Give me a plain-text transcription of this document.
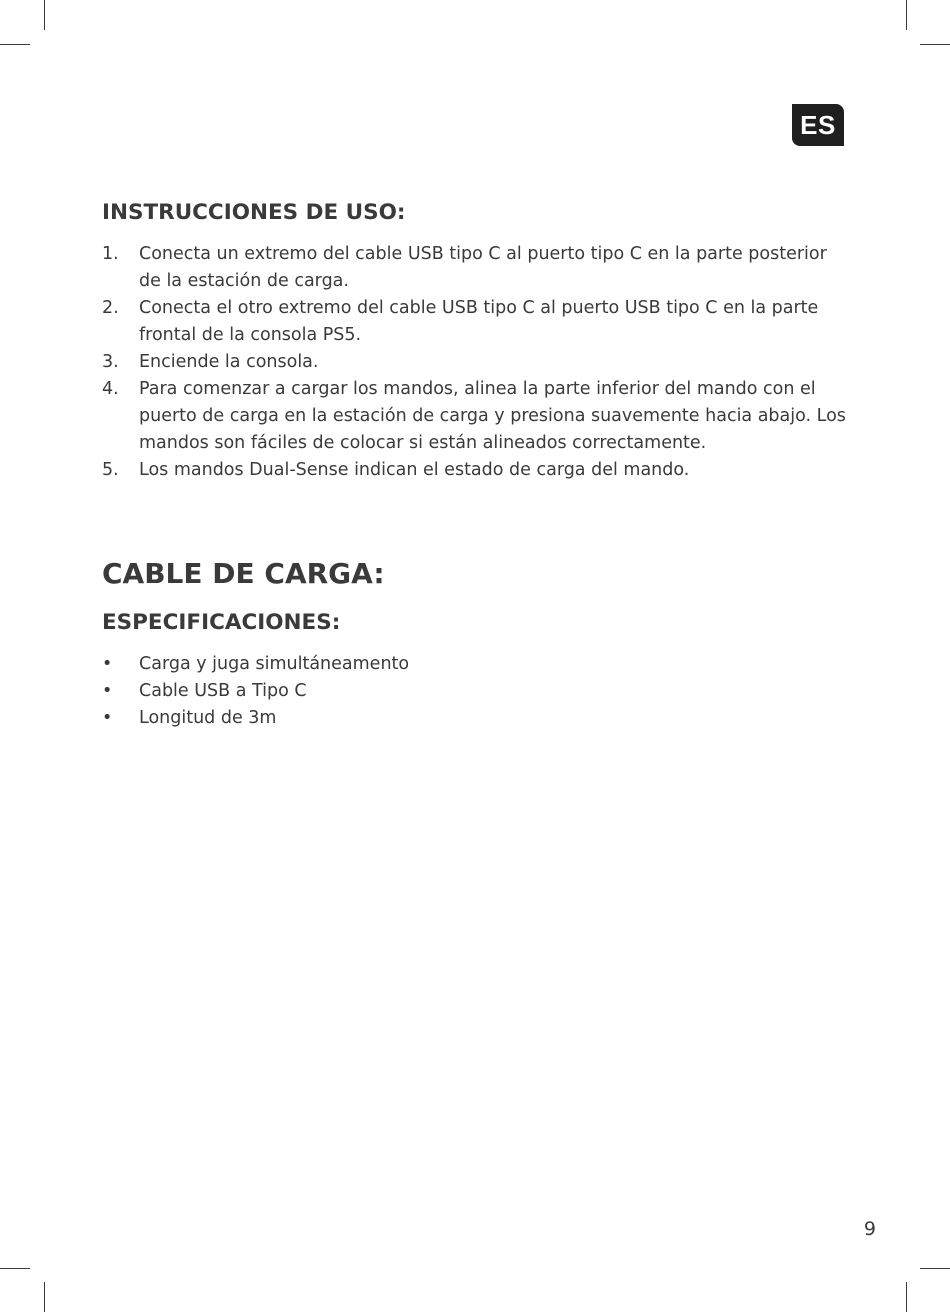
ES
INSTRUCCIONES DE USO:
1. Conecta un extremo del cable USB tipo C al puerto tipo C en la parte posterior de la estación de carga.
2. Conecta el otro extremo del cable USB tipo C al puerto USB tipo C en la parte frontal de la consola PS5.
3. Enciende la consola.
4. Para comenzar a cargar los mandos, alinea la parte inferior del mando con el puerto de carga en la estación de carga y presiona suavemente hacia abajo. Los mandos son fáciles de colocar si están alineados correctamente.
5. Los mandos Dual-Sense indican el estado de carga del mando.
CABLE DE CARGA:
ESPECIFICACIONES:
• Carga y juga simultáneamento
• Cable USB a Tipo C
• Longitud de 3m
9
